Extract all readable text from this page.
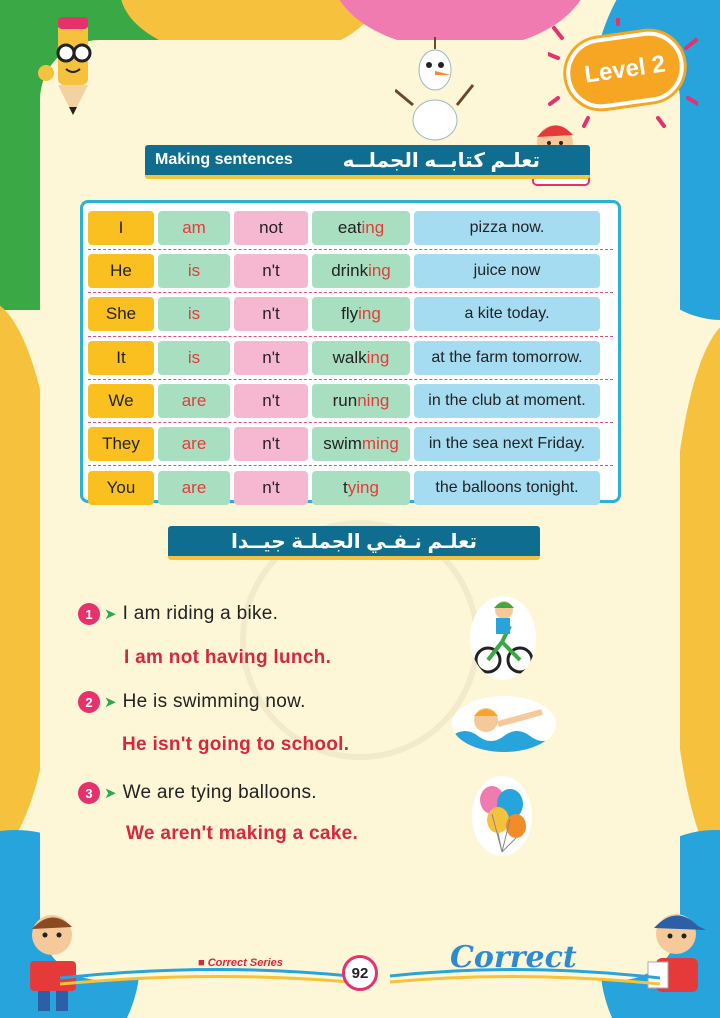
Level 2
Making sentences تعلـم كتابــه الجملــه
I	am	not	eat ing	pizza now.
He	is	n't	drink ing	juice now
She	is	n't	fly ing	a kite today.
It	is	n't	walk ing	at the farm tomorrow.
We	are	n't	run ning	in the club at moment.
They	are	n't	swim ming	in the sea next Friday.
You	are	n't	t ying	the balloons tonight.
تعلـم نـفـي الجملـة جيــدا
1 ➤ I am riding a bike.
I am not having lunch.
2 ➤ He is swimming now.
He isn't going to school.
3 ➤ We are tying balloons.
We aren't making a cake.
■ Correct Series
92	Correct
